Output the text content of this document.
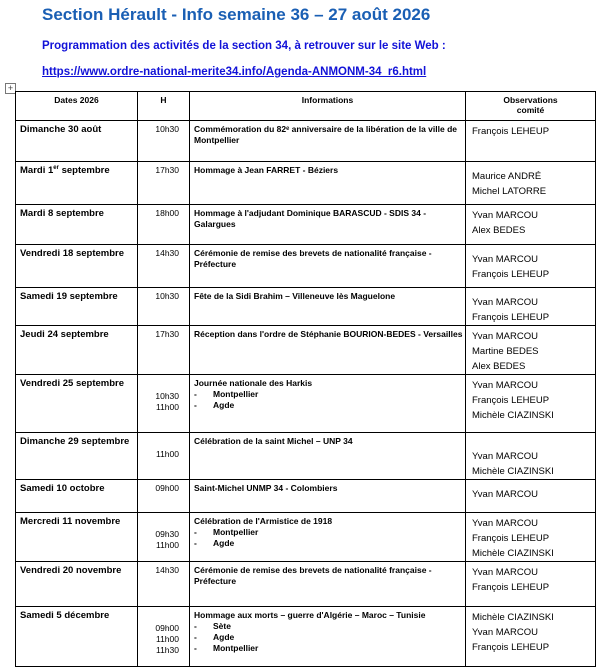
Section Hérault - Info semaine 36 – 27 août 2026
Programmation des activités de la section 34, à retrouver sur le site Web :
https://www.ordre-national-merite34.info/Agenda-ANMONM-34_r6.html
+
Dates 2026	H	Informations	Observations comité
Dimanche 30 août	10h30	Commémoration du 82ᵉ anniversaire de la libération de la ville de Montpellier	François LEHEUP

Mardi 1er septembre	17h30	Hommage à Jean FARRET - Béziers	Maurice ANDRÉ
Michel LATORRE

Mardi 8 septembre	18h00	Hommage à l'adjudant Dominique BARASCUD - SDIS 34 - Galargues	Yvan MARCOU
Alex BEDES

Vendredi 18 septembre	14h30	Cérémonie de remise des brevets de nationalité française - Préfecture	Yvan MARCOU
François LEHEUP

Samedi 19 septembre	10h30	Fête de la Sidi Brahim – Villeneuve lès Maguelone	Yvan MARCOU
François LEHEUP

Jeudi 24 septembre	17h30	Réception dans l'ordre de Stéphanie BOURION-BEDES - Versailles	Yvan MARCOU
Martine BEDES
Alex BEDES

Vendredi 25 septembre	10h30
11h00	Journée nationale des Harkis
- Montpellier
- Agde	Yvan MARCOU
François LEHEUP
Michèle CIAZINSKI

Dimanche 29 septembre	11h00	Célébration de la saint Michel – UNP 34	Yvan MARCOU
Michèle CIAZINSKI

Samedi 10 octobre	09h00	Saint-Michel UNMP 34 - Colombiers	Yvan MARCOU

Mercredi 11 novembre	09h30
11h00	Célébration de l'Armistice de 1918
- Montpellier
- Agde	Yvan MARCOU
François LEHEUP
Michèle CIAZINSKI

Vendredi 20 novembre	14h30	Cérémonie de remise des brevets de nationalité française - Préfecture	Yvan MARCOU
François LEHEUP

Samedi 5 décembre	09h00
11h00
11h30	Hommage aux morts – guerre d'Algérie – Maroc – Tunisie
- Sète
- Agde
- Montpellier	Michèle CIAZINSKI
Yvan MARCOU
François LEHEUP
